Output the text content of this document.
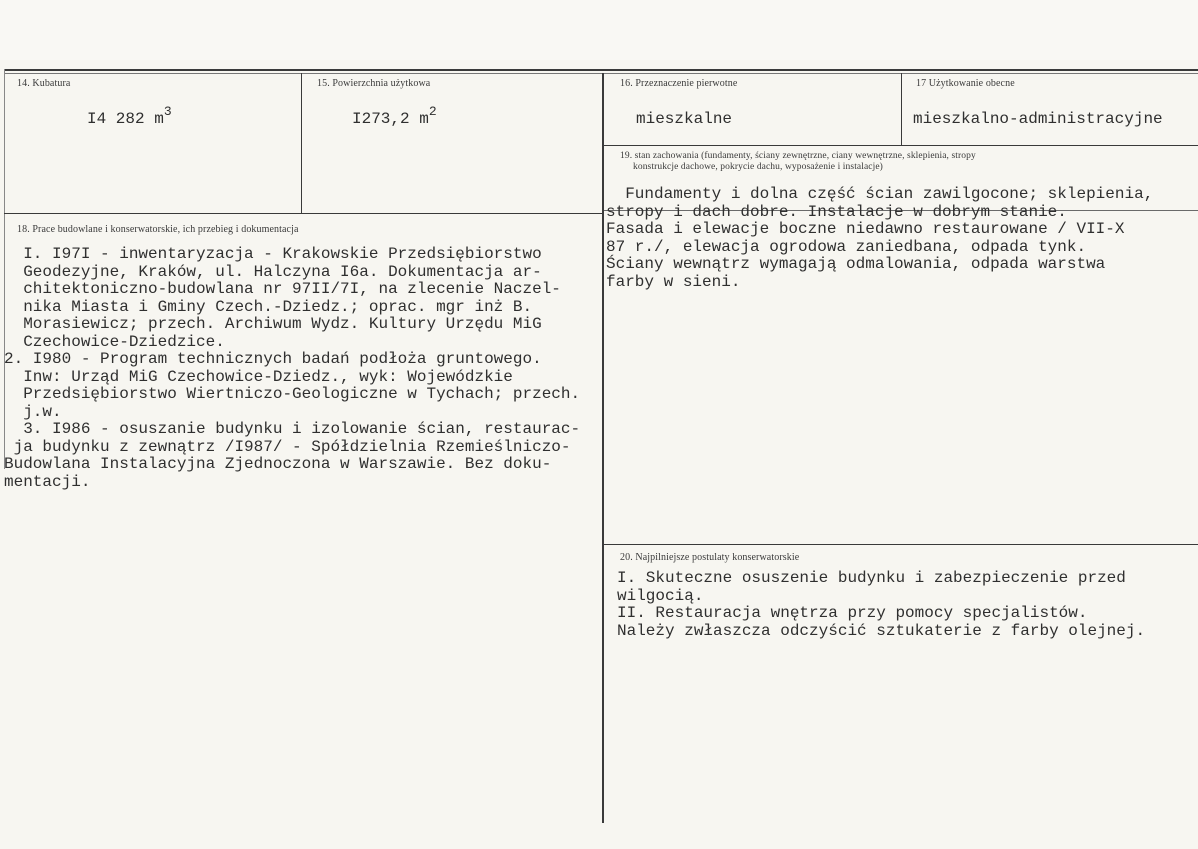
14. Kubatura
I4 282 $m^3$
15. Powierzchnia użytkowa
I273,2 $m^2$
16. Przeznaczenie pierwotne
mieszkalne
17 Użytkowanie obecne
mieszkalno-administracyjne
19. stan zachowania (fundamenty, ściany zewnętrzne, ciany wewnętrzne, sklepienia, stropy
konstrukcje dachowe, pokrycie dachu, wyposażenie i instalacje)
Fundamenty i dolna część ścian zawilgocone; sklepienia,
stropy i dach dobre. Instalacje w dobrym stanie.
Fasada i elewacje boczne niedawno restaurowane / VII-X
87 r./, elewacja ogrodowa zaniedbana, odpada tynk.
Ściany wewnątrz wymagają odmalowania, odpada warstwa
farby w sieni.
18. Prace budowlane i konserwatorskie, ich przebieg i dokumentacja
I. I97I - inwentaryzacja - Krakowskie Przedsiębiorstwo
Geodezyjne, Kraków, ul. Halczyna I6a. Dokumentacja ar-
chitektoniczno-budowlana nr 97II/7I, na zlecenie Naczel-
nika Miasta i Gminy Czech.-Dziedz.; oprac. mgr inż B.
Morasiewicz; przech. Archiwum Wydz. Kultury Urzędu MiG
Czechowice-Dziedzice.
2. I980 - Program technicznych badań podłoża gruntowego.
Inw: Urząd MiG Czechowice-Dziedz., wyk: Wojewódzkie
Przedsiębiorstwo Wiertniczo-Geologiczne w Tychach; przech.
j.w.
3. I986 - osuszanie budynku i izolowanie ścian, restaurac-
ja budynku z zewnątrz /I987/ - Spółdzielnia Rzemieślniczo-
Budowlana Instalacyjna Zjednoczona w Warszawie. Bez doku-
mentacji.
20. Najpilniejsze postulaty konserwatorskie
I. Skuteczne osuszenie budynku i zabezpieczenie przed
wilgocią.
II. Restauracja wnętrza przy pomocy specjalistów.
Należy zwłaszcza odczyścić sztukaterie z farby olejnej.
